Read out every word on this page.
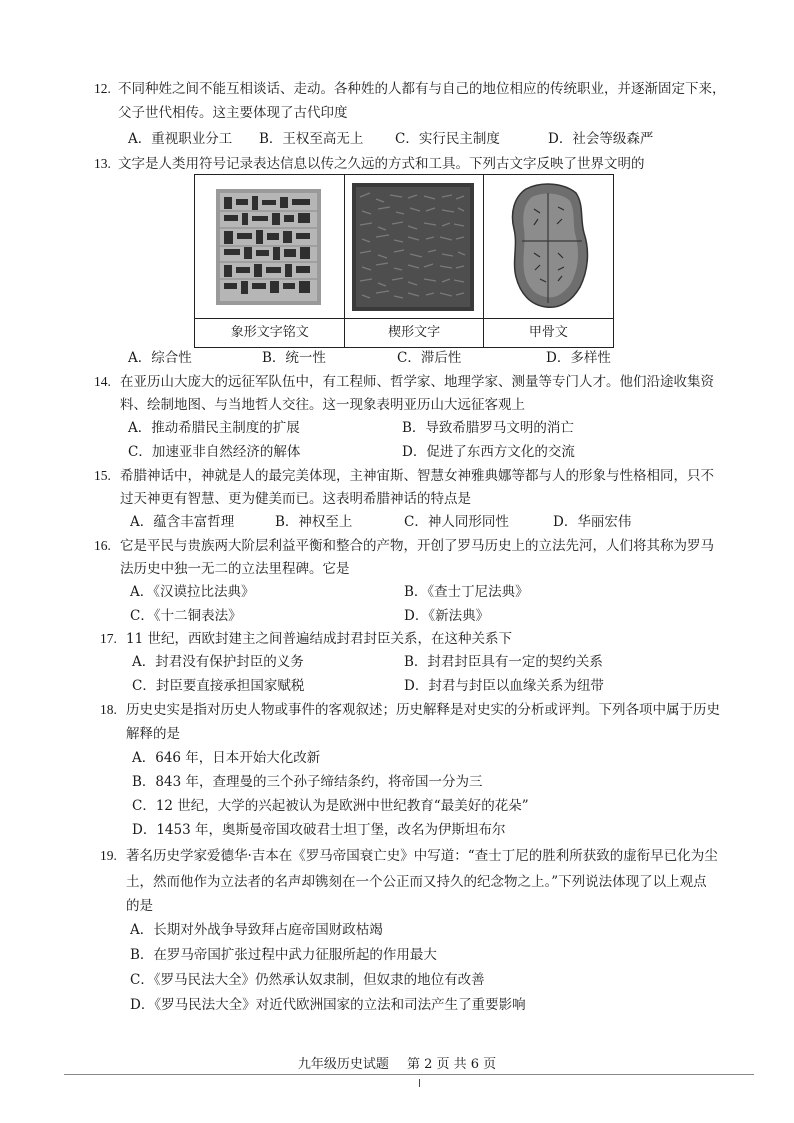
12. 不同种姓之间不能互相谈话、走动。各种姓的人都有与自己的地位相应的传统职业，并逐渐固定下来，
父子世代相传。这主要体现了古代印度
A．重视职业分工 B．王权至高无上 C．实行民主制度	D．社会等级森严
13. 文字是人类用符号记录表达信息以传之久远的方式和工具。下列古文字反映了世界文明的
象形文字铭文	楔形文字	甲骨文
A．综合性	B．统一性	C．滞后性	D．多样性
14. 在亚历山大庞大的远征军队伍中，有工程师、哲学家、地理学家、测量等专门人才。他们沿途收集资
料、绘制地图、与当地哲人交往。这一现象表明亚历山大远征客观上
A．推动希腊民主制度的扩展	B．导致希腊罗马文明的消亡
C．加速亚非自然经济的解体	D．促进了东西方文化的交流
15. 希腊神话中，神就是人的最完美体现，主神宙斯、智慧女神雅典娜等都与人的形象与性格相同，只不
过天神更有智慧、更为健美而已。这表明希腊神话的特点是
A．蕴含丰富哲理	B．神权至上	C．神人同形同性	D．华丽宏伟
16. 它是平民与贵族两大阶层利益平衡和整合的产物，开创了罗马历史上的立法先河，人们将其称为罗马
法历史中独一无二的立法里程碑。它是
A．《汉谟拉比法典》	B．《查士丁尼法典》
C．《十二铜表法》	D．《新法典》
17. 11 世纪，西欧封建主之间普遍结成封君封臣关系，在这种关系下
A．封君没有保护封臣的义务	B．封君封臣具有一定的契约关系
C．封臣要直接承担国家赋税	D．封君与封臣以血缘关系为纽带
18. 历史史实是指对历史人物或事件的客观叙述；历史解释是对史实的分析或评判。下列各项中属于历史
解释的是
A．646 年，日本开始大化改新
B．843 年，查理曼的三个孙子缔结条约，将帝国一分为三
C．12 世纪，大学的兴起被认为是欧洲中世纪教育“最美好的花朵”
D．1453 年，奥斯曼帝国攻破君士坦丁堡，改名为伊斯坦布尔
19. 著名历史学家爱德华·吉本在《罗马帝国衰亡史》中写道：“查士丁尼的胜利所获致的虚衔早已化为尘
土，然而他作为立法者的名声却镌刻在一个公正而又持久的纪念物之上。”下列说法体现了以上观点
的是
A．长期对外战争导致拜占庭帝国财政枯竭
B．在罗马帝国扩张过程中武力征服所起的作用最大
C．《罗马民法大全》仍然承认奴隶制，但奴隶的地位有改善
D．《罗马民法大全》对近代欧洲国家的立法和司法产生了重要影响
九年级历史试题 第 2 页 共 6 页
